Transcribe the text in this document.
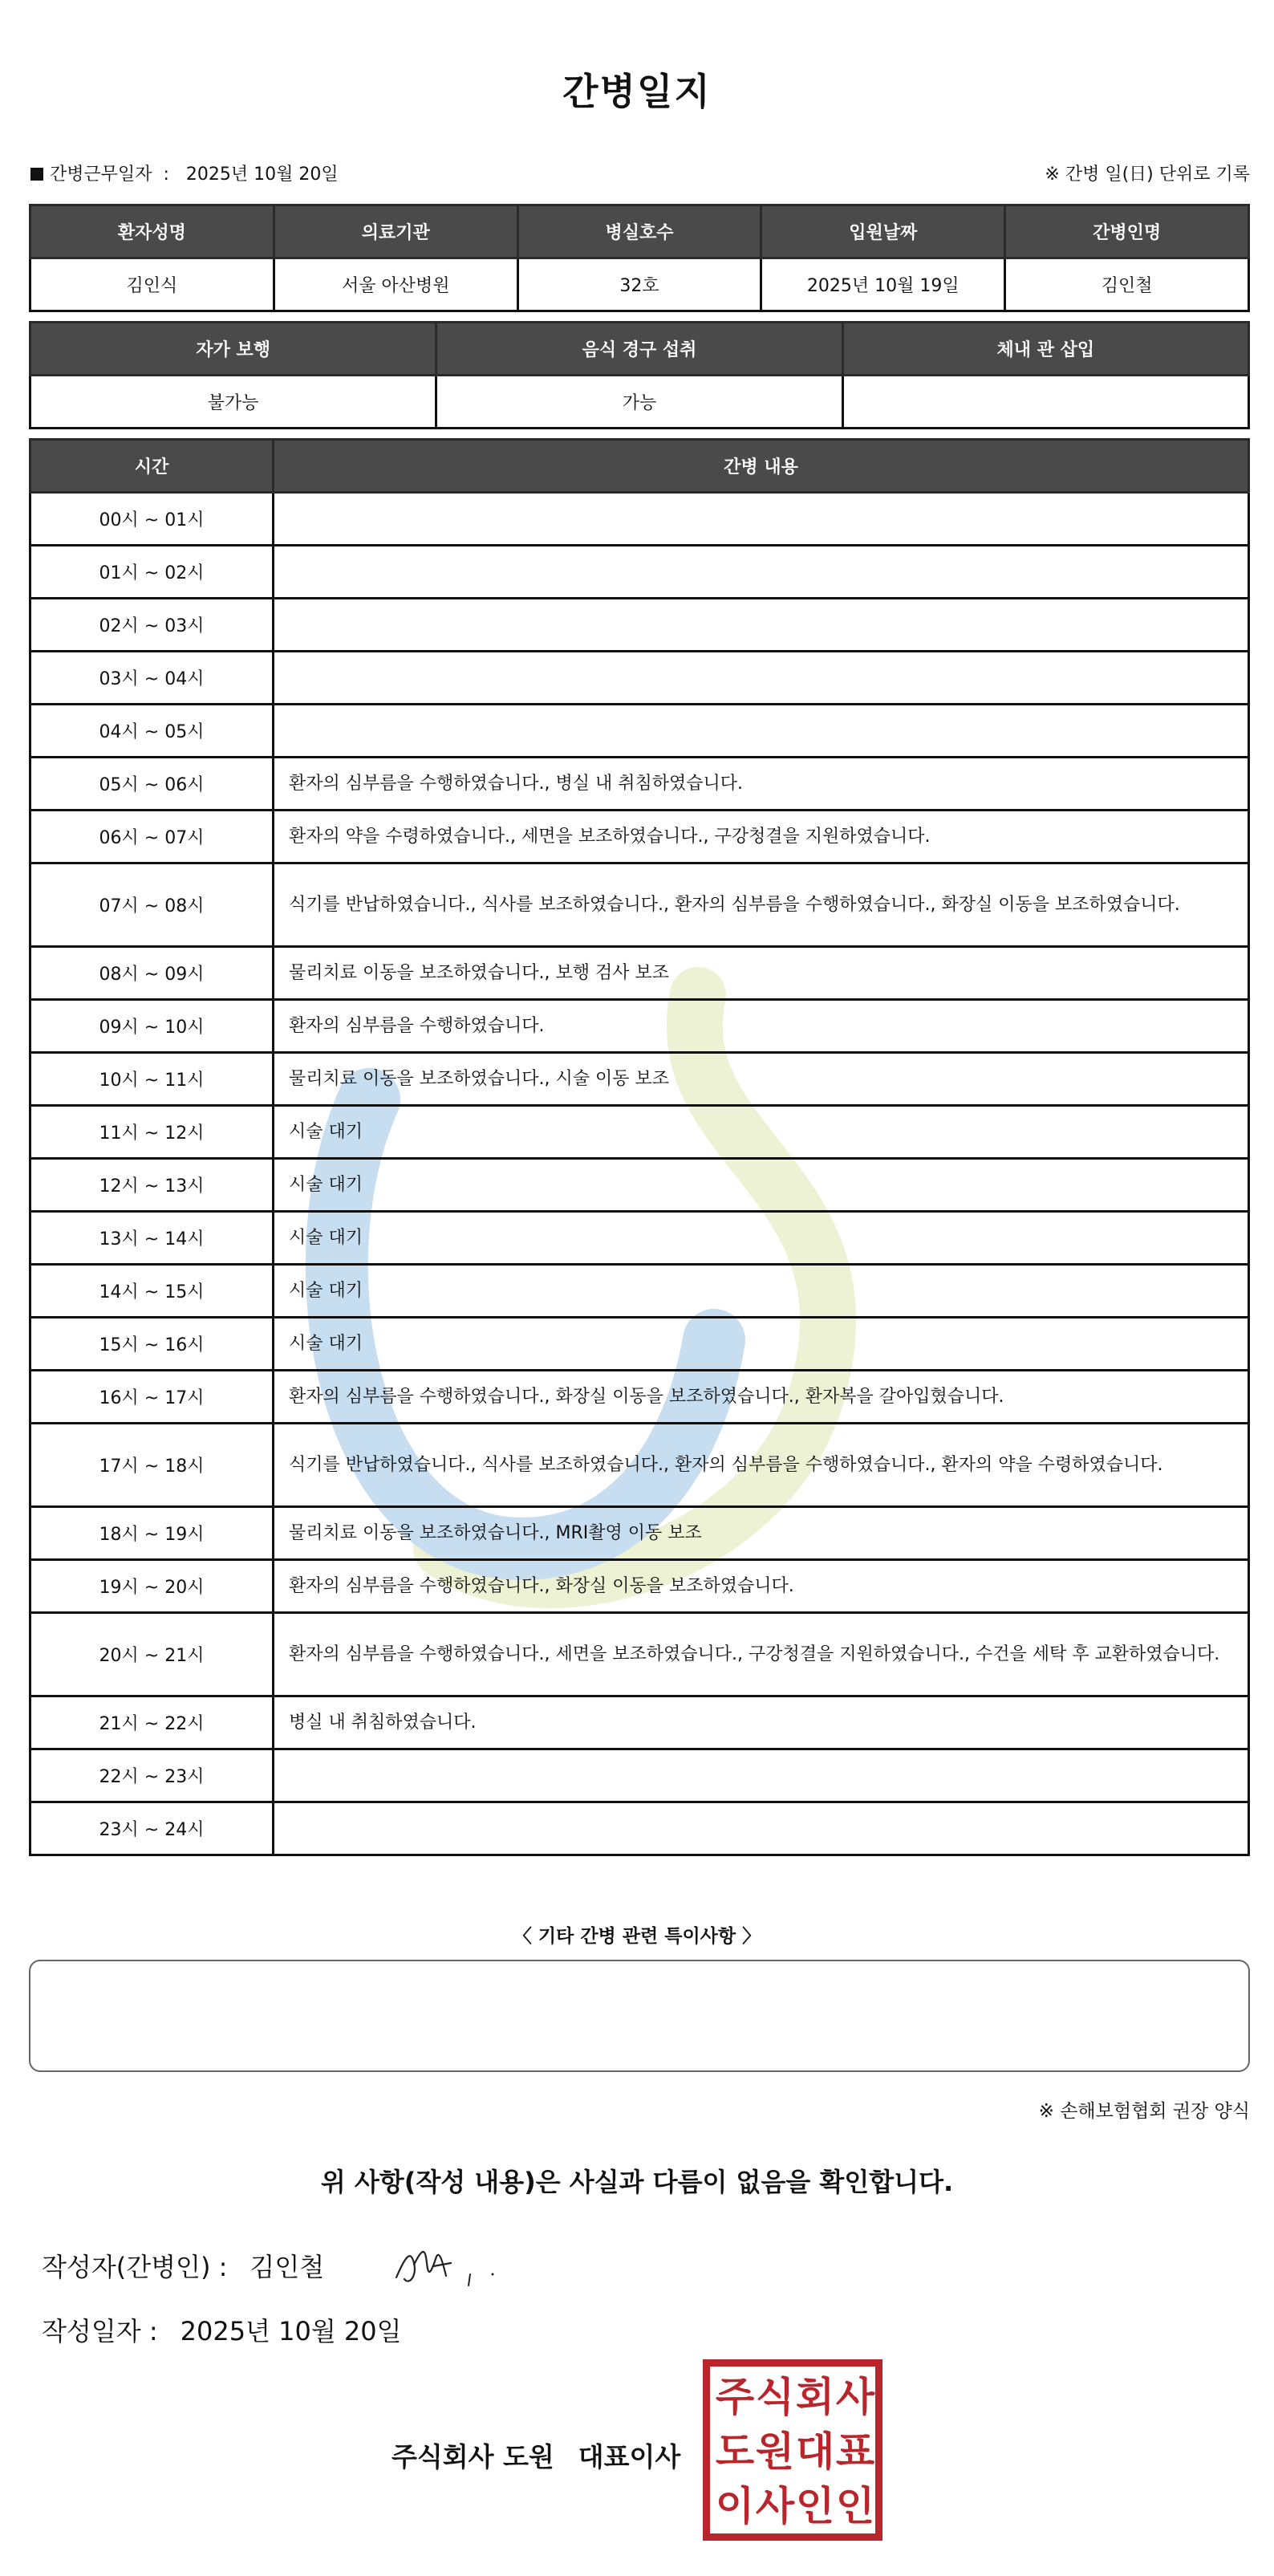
간병일지
간병근무일자  :   2025년 10월 20일	※ 간병 일(日) 단위로 기록
환자성명	의료기관	병실호수	입원날짜	간병인명
김인식	서울 아산병원	32호	2025년 10월 19일	김인철
자가 보행	음식 경구 섭취	체내 관 삽입
불가능	가능	
시간	간병 내용
00시 ~ 01시	
01시 ~ 02시	
02시 ~ 03시	
03시 ~ 04시	
04시 ~ 05시	
05시 ~ 06시	환자의 심부름을 수행하였습니다., 병실 내 취침하였습니다.
06시 ~ 07시	환자의 약을 수령하였습니다., 세면을 보조하였습니다., 구강청결을 지원하였습니다.
07시 ~ 08시	식기를 반납하였습니다., 식사를 보조하였습니다., 환자의 심부름을 수행하였습니다., 화장실 이동을 보조하였습니다.
08시 ~ 09시	물리치료 이동을 보조하였습니다., 보행 검사 보조
09시 ~ 10시	환자의 심부름을 수행하였습니다.
10시 ~ 11시	물리치료 이동을 보조하였습니다., 시술 이동 보조
11시 ~ 12시	시술 대기
12시 ~ 13시	시술 대기
13시 ~ 14시	시술 대기
14시 ~ 15시	시술 대기
15시 ~ 16시	시술 대기
16시 ~ 17시	환자의 심부름을 수행하였습니다., 화장실 이동을 보조하였습니다., 환자복을 갈아입혔습니다.
17시 ~ 18시	식기를 반납하였습니다., 식사를 보조하였습니다., 환자의 심부름을 수행하였습니다., 환자의 약을 수령하였습니다.
18시 ~ 19시	물리치료 이동을 보조하였습니다., MRI촬영 이동 보조
19시 ~ 20시	환자의 심부름을 수행하였습니다., 화장실 이동을 보조하였습니다.
20시 ~ 21시	환자의 심부름을 수행하였습니다., 세면을 보조하였습니다., 구강청결을 지원하였습니다., 수건을 세탁 후 교환하였습니다.
21시 ~ 22시	병실 내 취침하였습니다.
22시 ~ 23시	
23시 ~ 24시	
〈 기타 간병 관련 특이사항 〉
※ 손해보험협회 권장 양식
위 사항(작성 내용)은 사실과 다름이 없음을 확인합니다.
작성자(간병인) : 김인철
작성일자 : 2025년 10월 20일
주식회사 도원 대표이사
주 식 회 사
도 원 대 표
이 사 인 인
